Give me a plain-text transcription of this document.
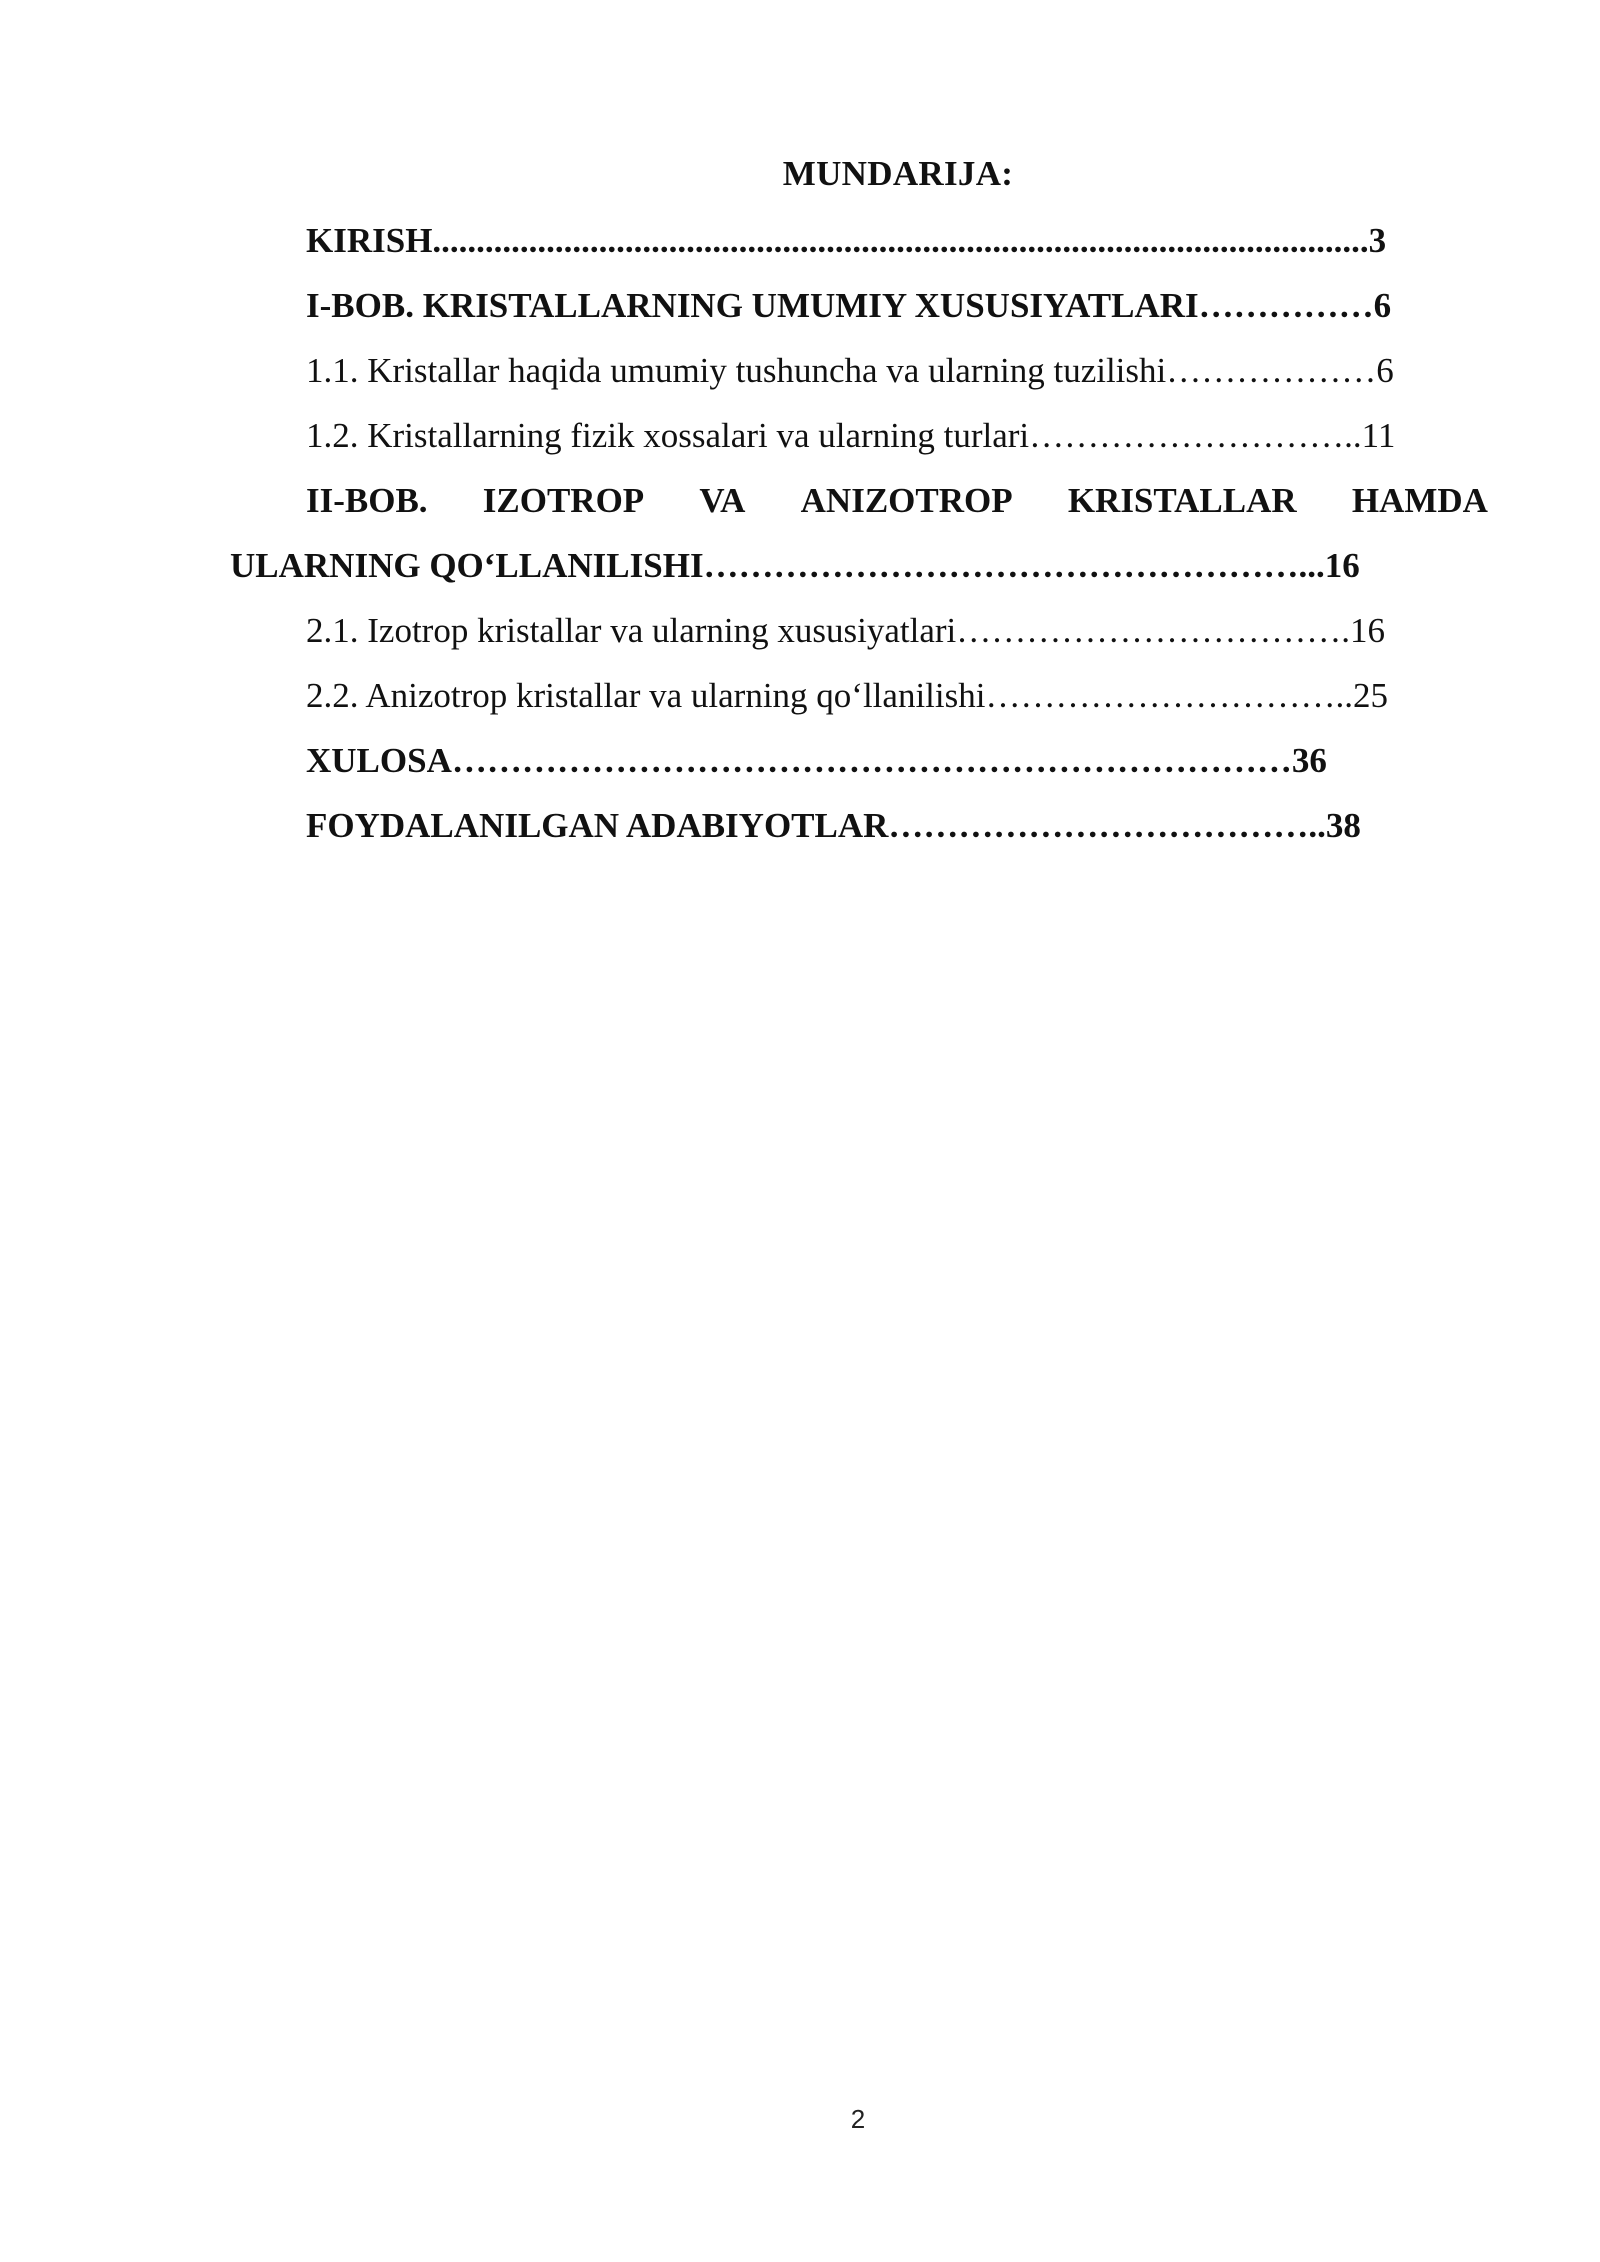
MUNDARIJA:
KIRISH...........................................................................................................3
I-BOB. KRISTALLARNING UMUMIY XUSUSIYATLARI……………6
1.1. Kristallar haqida umumiy tushuncha va ularning tuzilishi………………6
1.2. Kristallarning fizik xossalari va ularning turlari………………………..11
II-BOB. IZOTROP VA ANIZOTROP KRISTALLAR HAMDA
ULARNING QO‘LLANILISHI……………………………………………...16
2.1. Izotrop kristallar va ularning xususiyatlari…………………………….16
2.2. Anizotrop kristallar va ularning qo‘llanilishi…………………………..25
XULOSA………………………………………………………………36
FOYDALANILGAN ADABIYOTLAR………………………………..38
2
